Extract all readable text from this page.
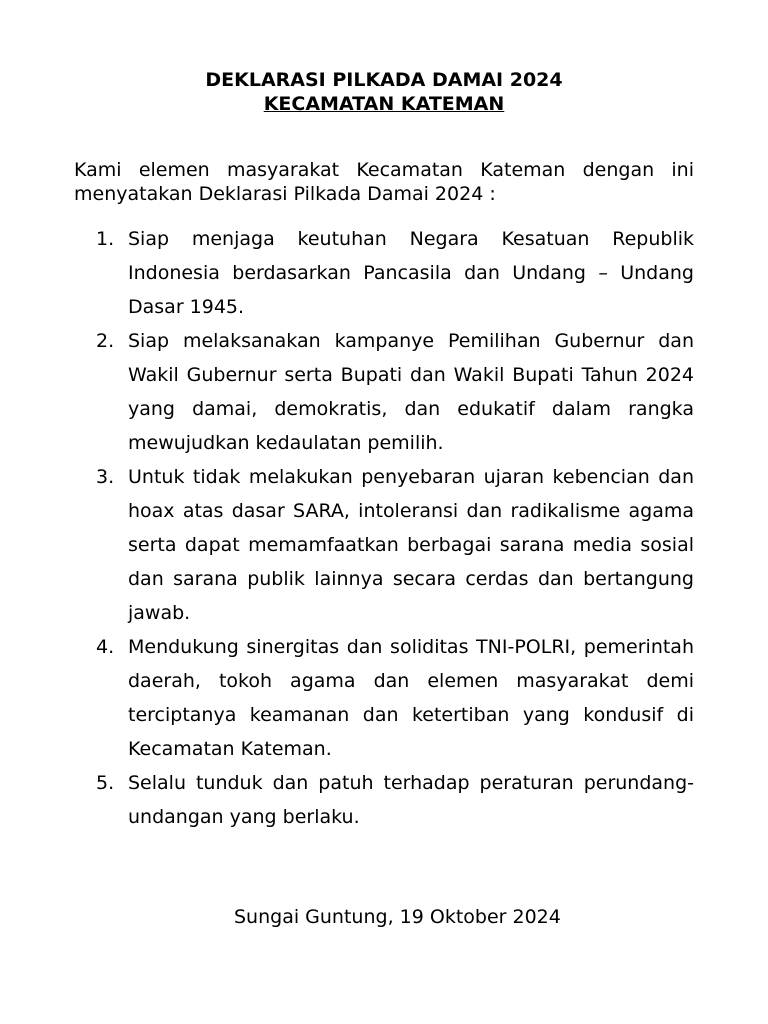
DEKLARASI PILKADA DAMAI 2024
KECAMATAN KATEMAN

Kami elemen masyarakat Kecamatan Kateman dengan ini menyatakan Deklarasi Pilkada Damai 2024 :

1. Siap menjaga keutuhan Negara Kesatuan Republik Indonesia berdasarkan Pancasila dan Undang – Undang Dasar 1945.
2. Siap melaksanakan kampanye Pemilihan Gubernur dan Wakil Gubernur serta Bupati dan Wakil Bupati Tahun 2024 yang damai, demokratis, dan edukatif dalam rangka mewujudkan kedaulatan pemilih.
3. Untuk tidak melakukan penyebaran ujaran kebencian dan hoax atas dasar SARA, intoleransi dan radikalisme agama serta dapat memamfaatkan berbagai sarana media sosial dan sarana publik lainnya secara cerdas dan bertangung jawab.
4. Mendukung sinergitas dan soliditas TNI-POLRI, pemerintah daerah, tokoh agama dan elemen masyarakat demi terciptanya keamanan dan ketertiban yang kondusif di Kecamatan Kateman.
5. Selalu tunduk dan patuh terhadap peraturan perundang-undangan yang berlaku.

Sungai Guntung, 19 Oktober 2024
